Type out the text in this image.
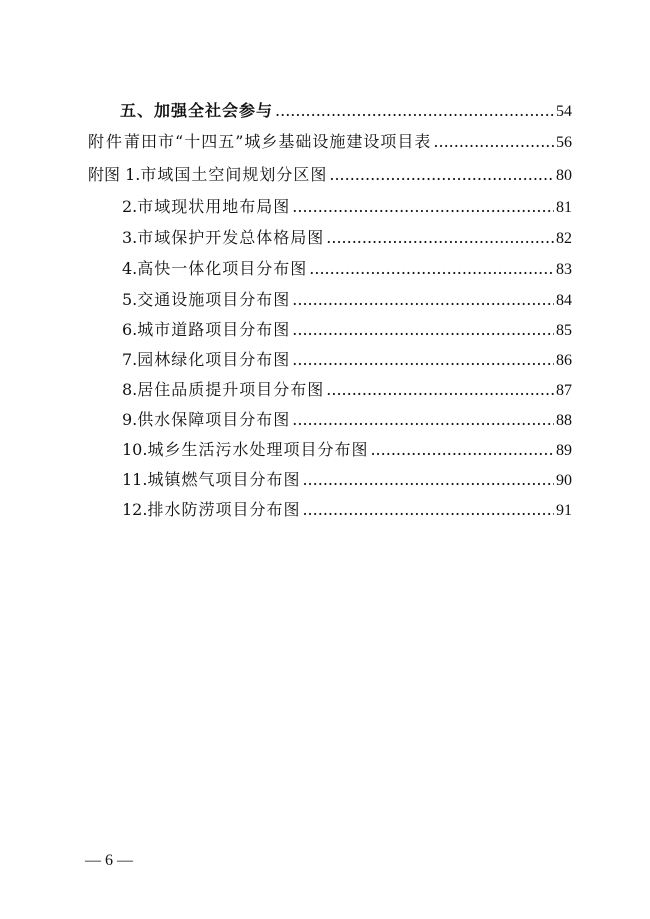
五、加强全社会参与 .....	54
附件 莆田市“十四五”城乡基础设施建设项目表 .....	56
附图 1. 市域国土空间规划分区图 .....	80
2. 市域现状用地布局图 .....	81
3. 市域保护开发总体格局图 .....	82
4. 高快一体化项目分布图 .....	83
5. 交通设施项目分布图 .....	84
6. 城市道路项目分布图 .....	85
7. 园林绿化项目分布图 .....	86
8. 居住品质提升项目分布图 .....	87
9. 供水保障项目分布图 .....	88
10. 城乡生活污水处理项目分布图 .....	89
11. 城镇燃气项目分布图 .....	90
12. 排水防涝项目分布图 .....	91
— 6 —
